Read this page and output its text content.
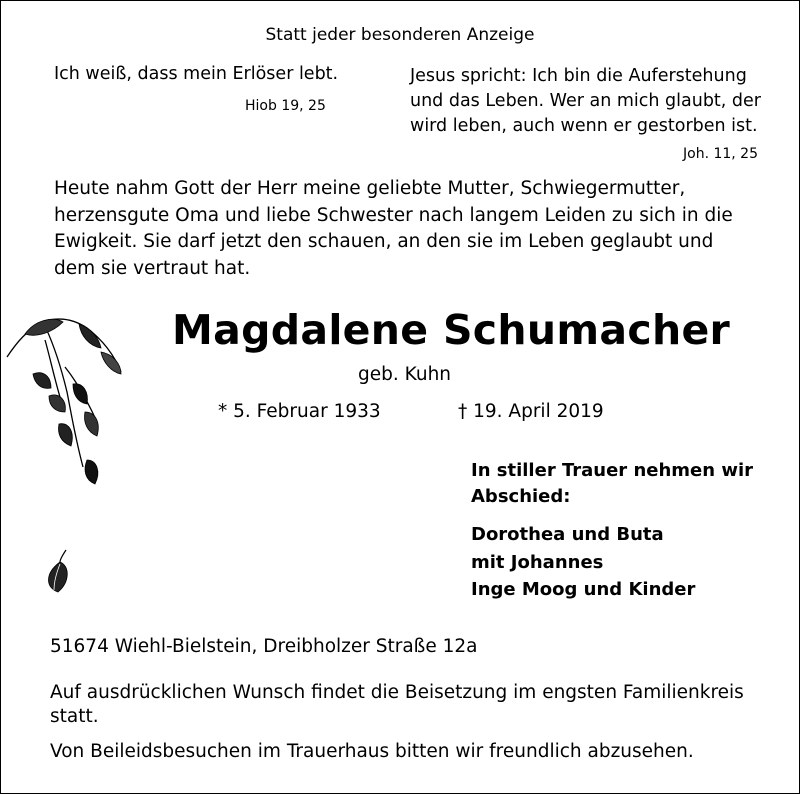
Statt jeder besonderen Anzeige
Ich weiß, dass mein Erlöser lebt.
Hiob 19, 25
Jesus spricht: Ich bin die Auferstehung
und das Leben. Wer an mich glaubt, der
wird leben, auch wenn er gestorben ist.
Joh. 11, 25
Heute nahm Gott der Herr meine geliebte Mutter, Schwiegermutter,
herzensgute Oma und liebe Schwester nach langem Leiden zu sich in die
Ewigkeit. Sie darf jetzt den schauen, an den sie im Leben geglaubt und
dem sie vertraut hat.
Magdalene Schumacher
geb. Kuhn
* 5. Februar 1933	† 19. April 2019
In stiller Trauer nehmen wir
Abschied:
Dorothea und Buta
mit Johannes
Inge Moog und Kinder
51674 Wiehl-Bielstein, Dreibholzer Straße 12a
Auf ausdrücklichen Wunsch findet die Beisetzung im engsten Familienkreis
statt.
Von Beileidsbesuchen im Trauerhaus bitten wir freundlich abzusehen.
